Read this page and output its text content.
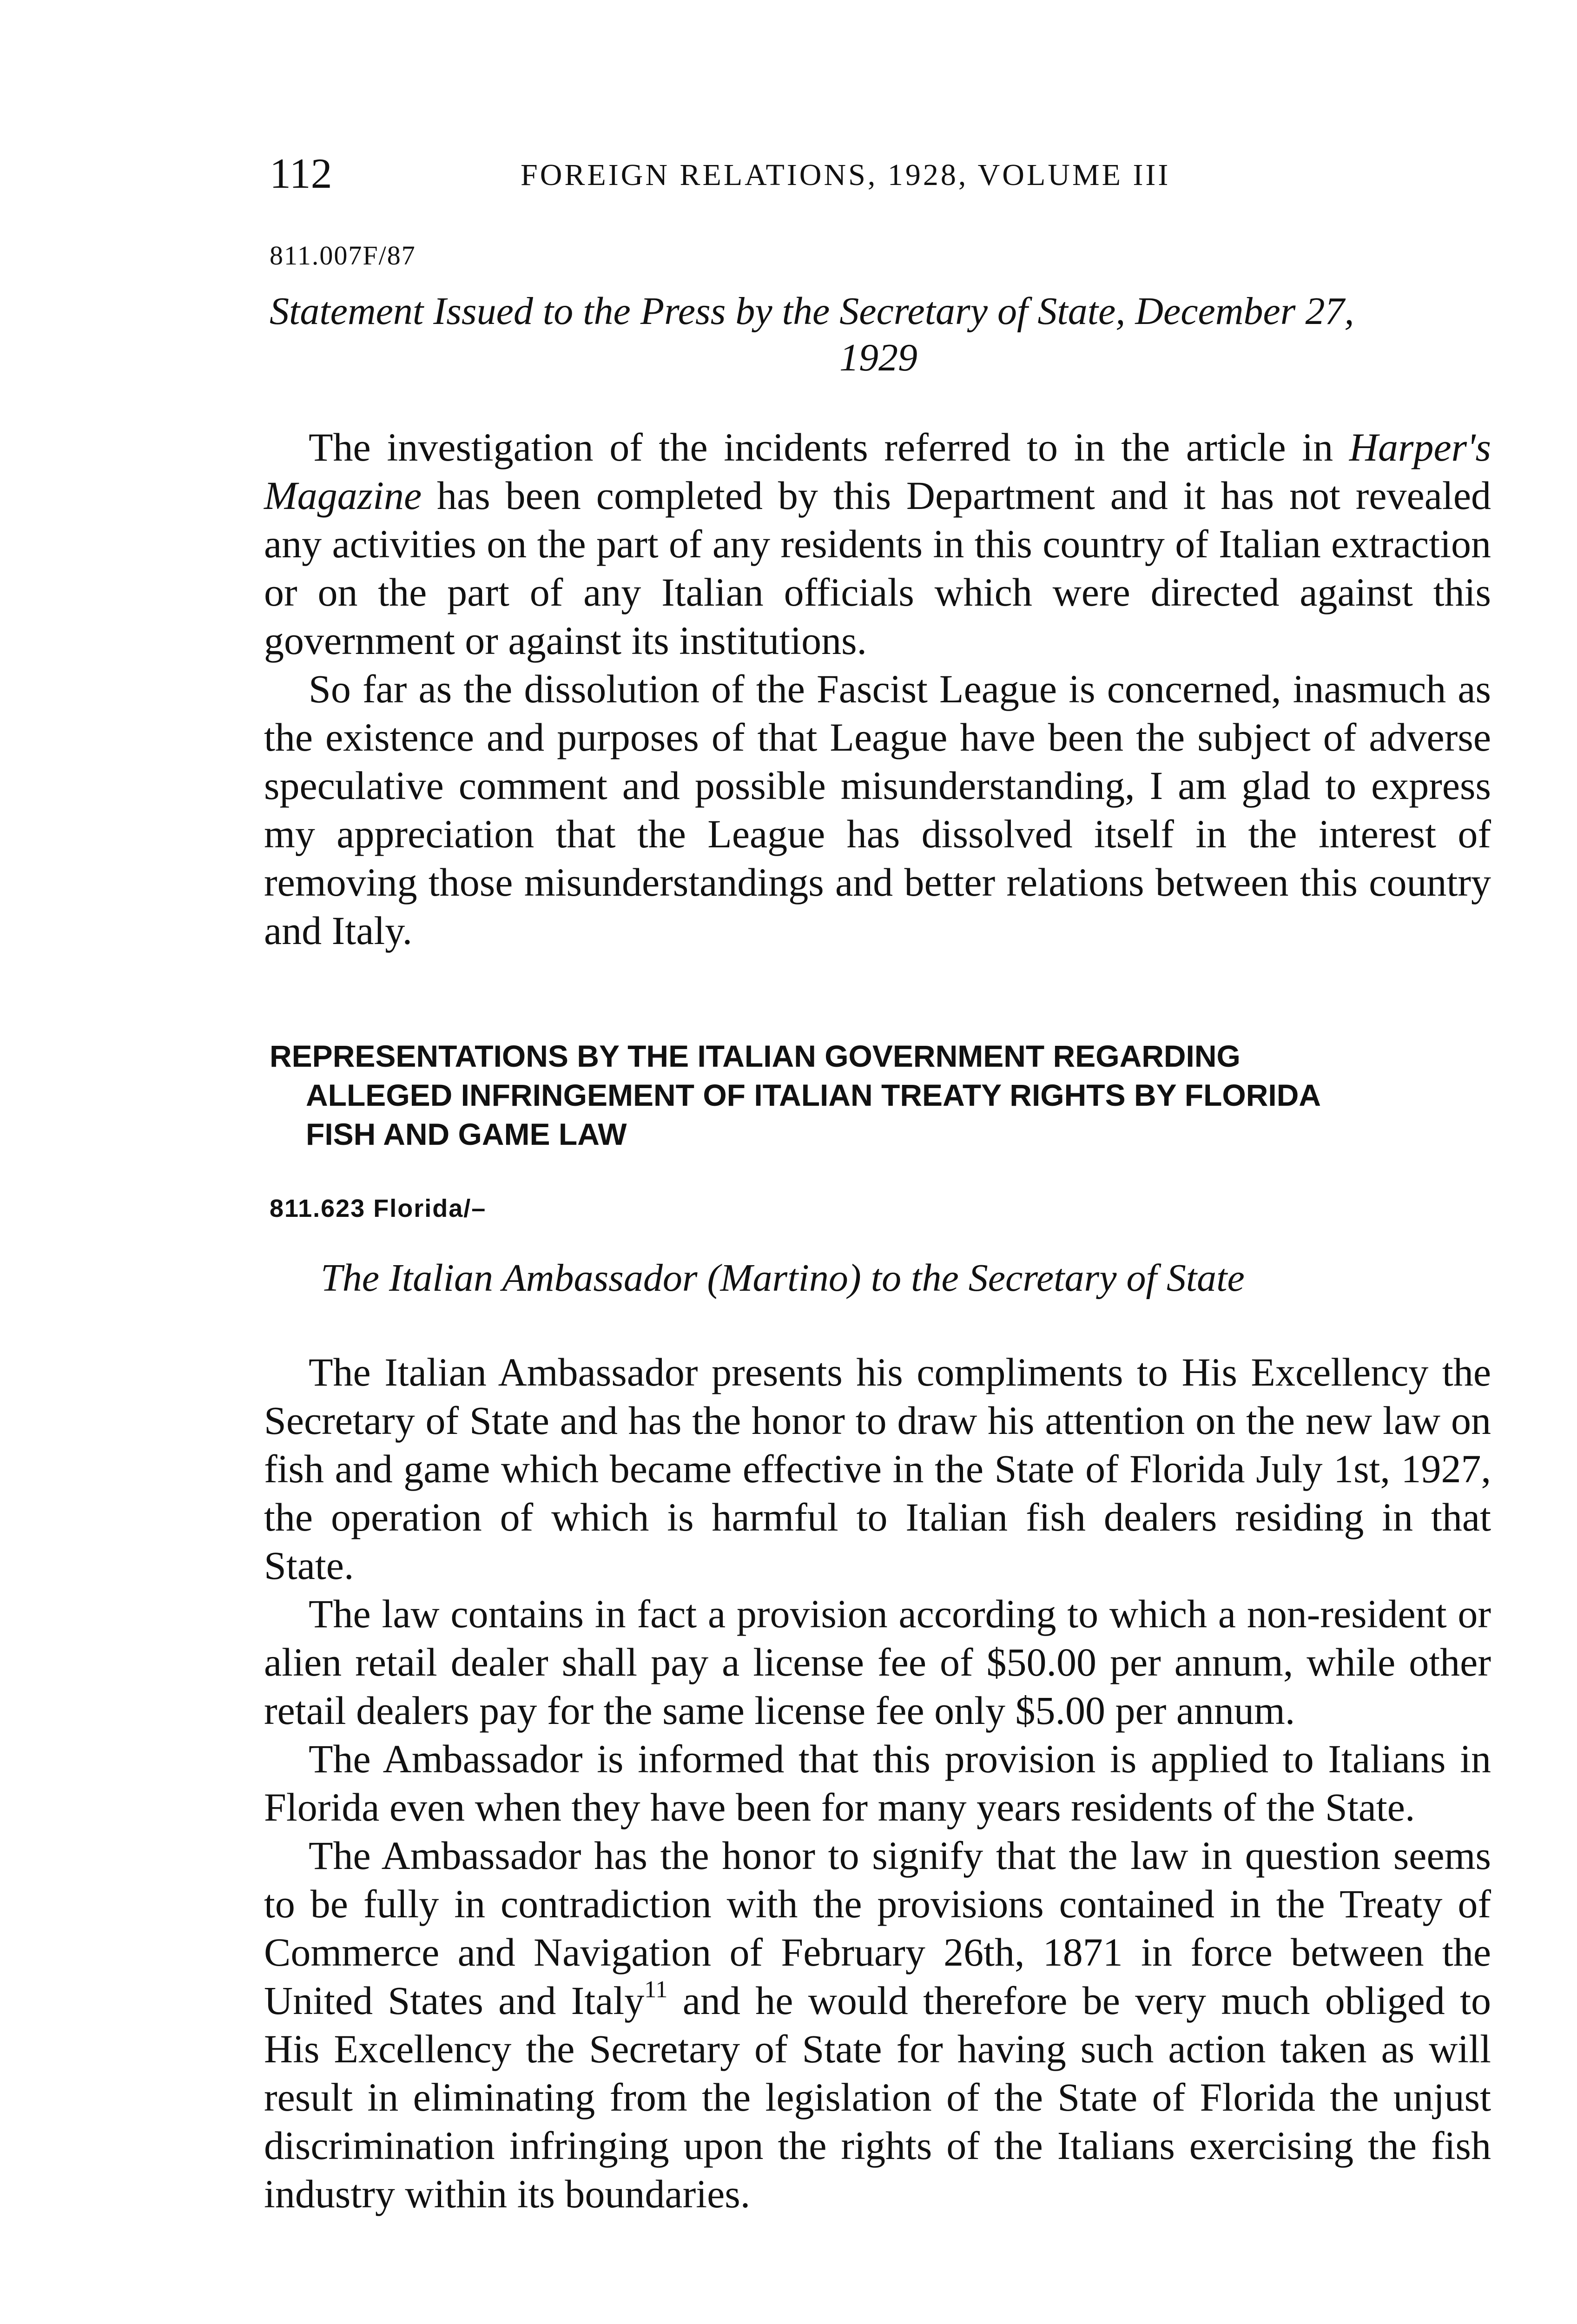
112	FOREIGN RELATIONS, 1928, VOLUME III
811.007F/87
Statement Issued to the Press by the Secretary of State, December 27,
1929

The investigation of the incidents referred to in the article in Harper's Magazine has been completed by this Department and it has not revealed any activities on the part of any residents in this country of Italian extraction or on the part of any Italian officials which were directed against this government or against its institutions.

So far as the dissolution of the Fascist League is concerned, inasmuch as the existence and purposes of that League have been the subject of adverse speculative comment and possible misunderstanding, I am glad to express my appreciation that the League has dissolved itself in the interest of removing those misunderstandings and better relations between this country and Italy.

REPRESENTATIONS BY THE ITALIAN GOVERNMENT REGARDING
ALLEGED INFRINGEMENT OF ITALIAN TREATY RIGHTS BY FLORIDA
FISH AND GAME LAW
811.623 Florida/–
The Italian Ambassador (Martino) to the Secretary of State

The Italian Ambassador presents his compliments to His Excellency the Secretary of State and has the honor to draw his attention on the new law on fish and game which became effective in the State of Florida July 1st, 1927, the operation of which is harmful to Italian fish dealers residing in that State.

The law contains in fact a provision according to which a non-resident or alien retail dealer shall pay a license fee of $50.00 per annum, while other retail dealers pay for the same license fee only $5.00 per annum.

The Ambassador is informed that this provision is applied to Italians in Florida even when they have been for many years residents of the State.

The Ambassador has the honor to signify that the law in question seems to be fully in contradiction with the provisions contained in the Treaty of Commerce and Navigation of February 26th, 1871 in force between the United States and Italy$^{11}$ and he would therefore be very much obliged to His Excellency the Secretary of State for having such action taken as will result in eliminating from the legislation of the State of Florida the unjust discrimination infringing upon the rights of the Italians exercising the fish industry within its boundaries.
